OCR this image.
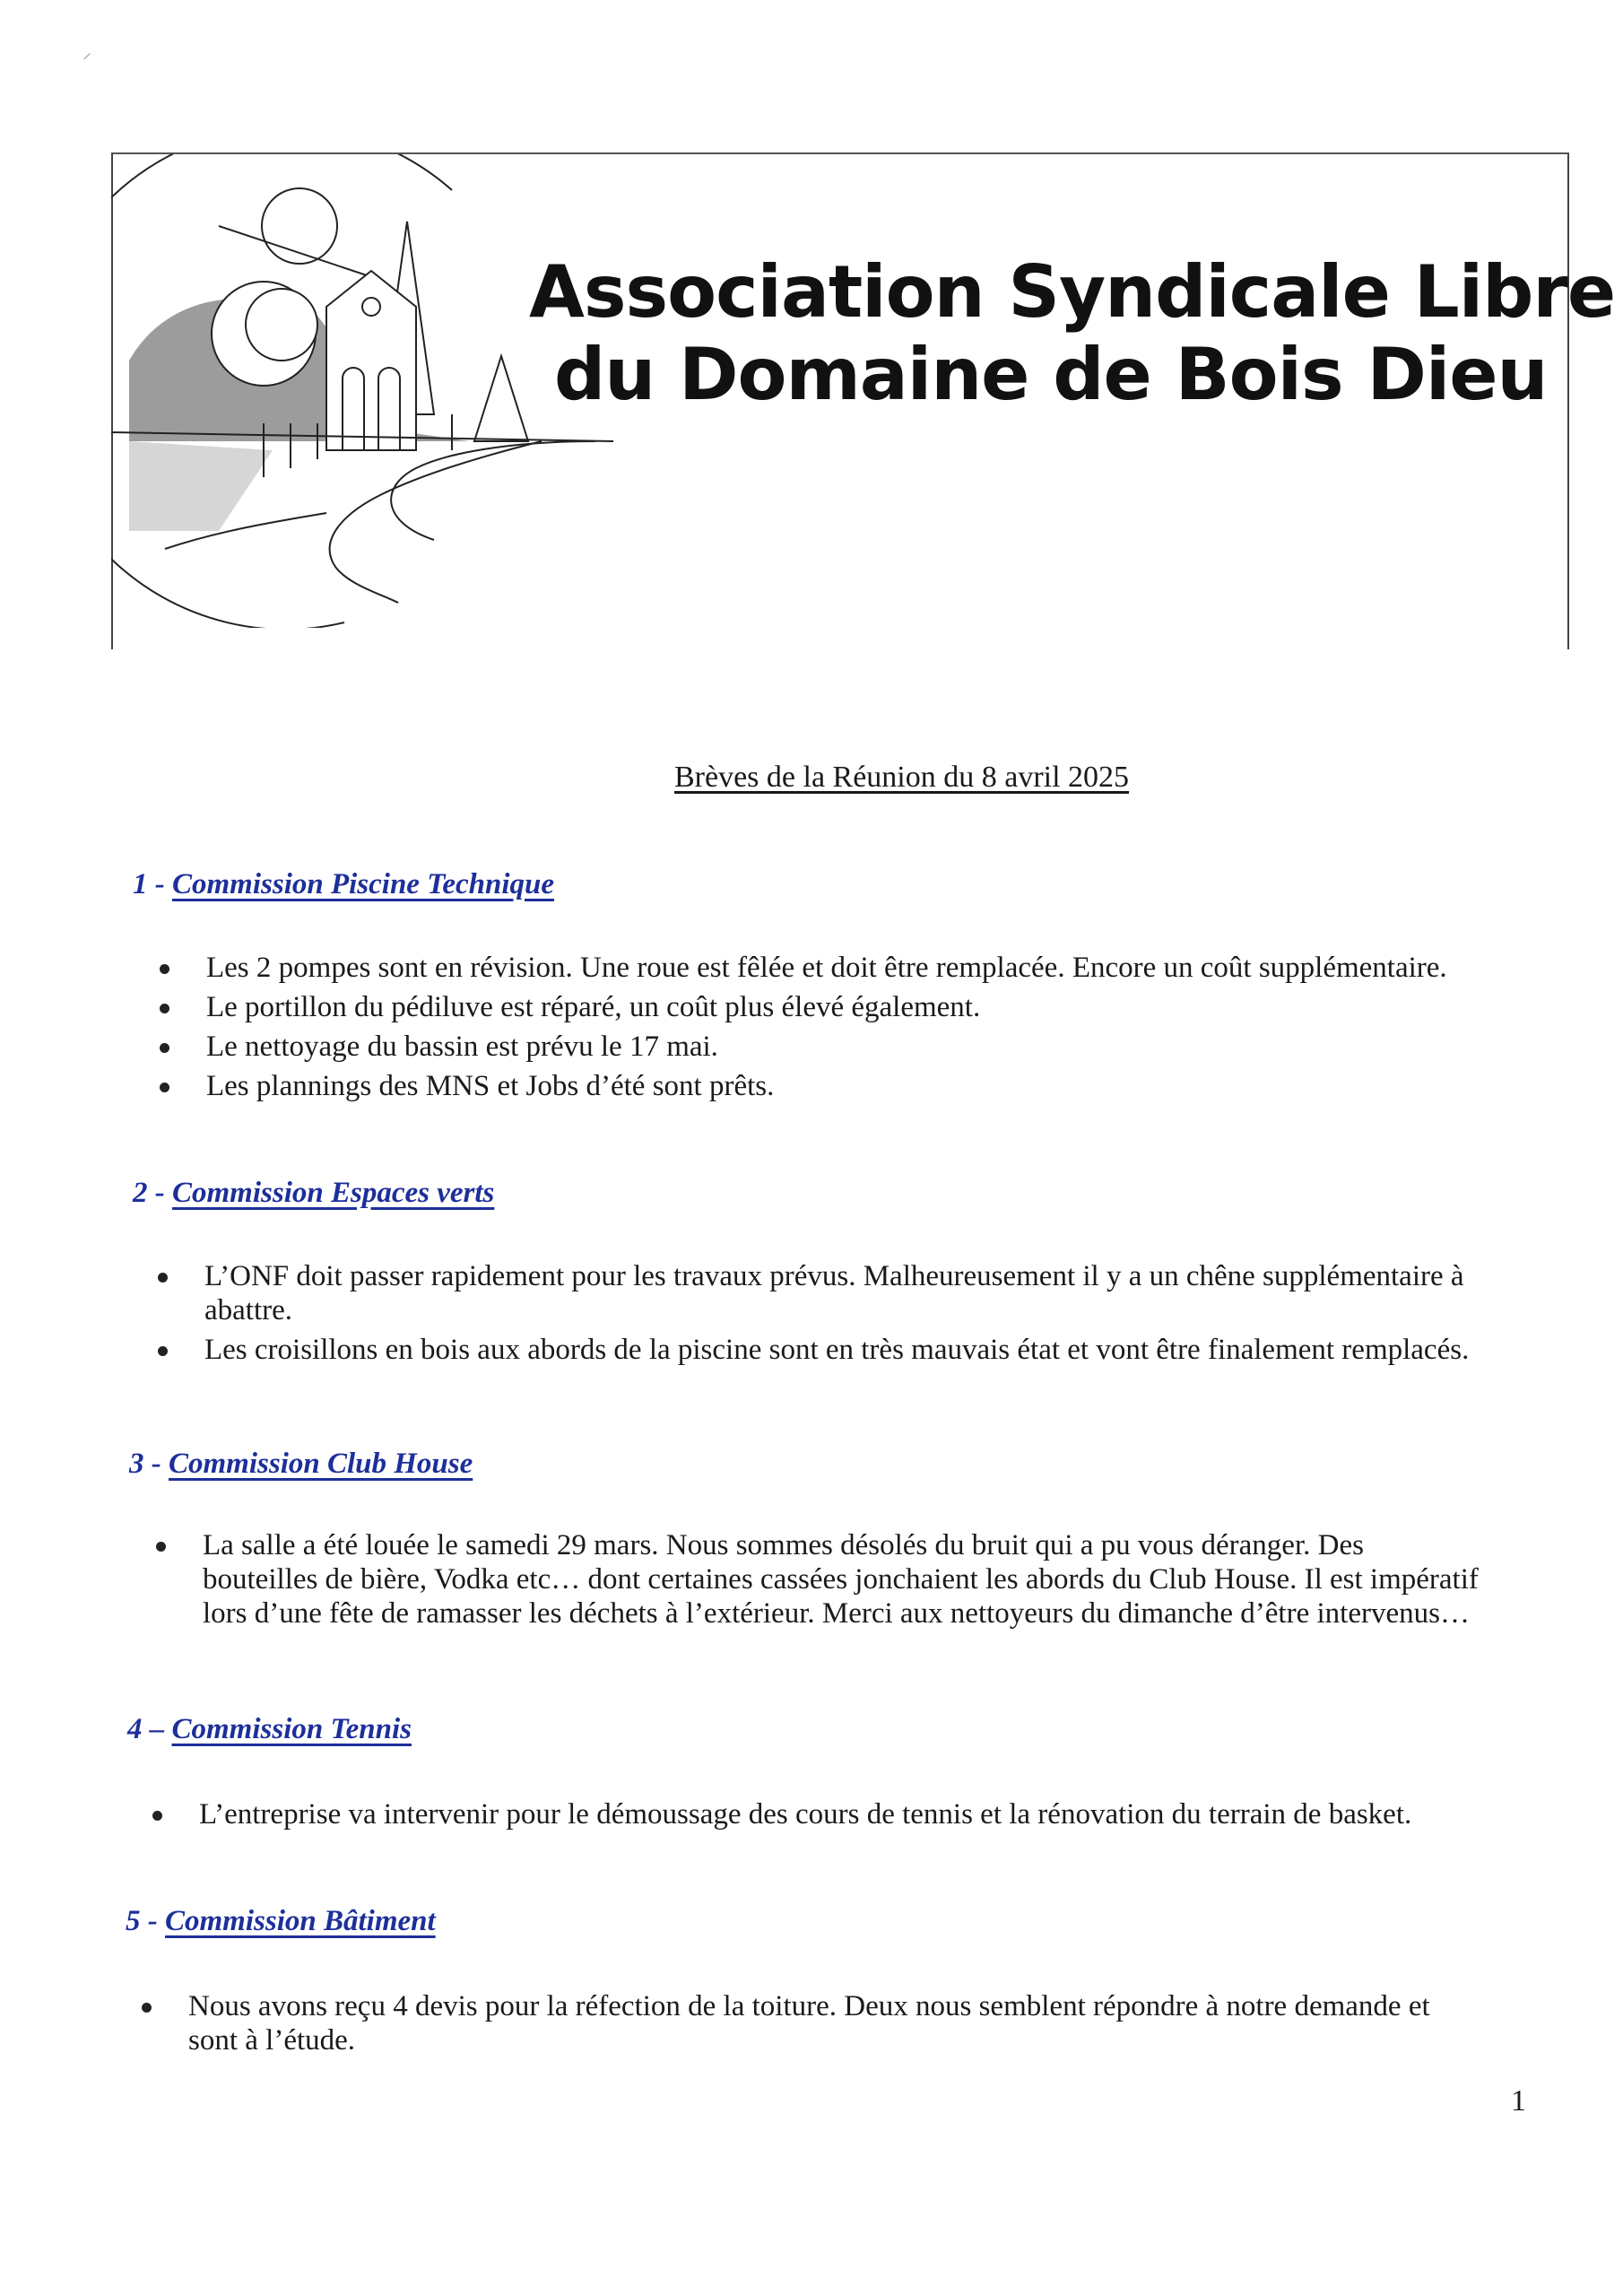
⸝
Association Syndicale Libre
du Domaine de Bois Dieu
Brèves de la Réunion du 8 avril 2025
1 - Commission Piscine Technique
Les 2 pompes sont en révision. Une roue est fêlée et doit être remplacée. Encore un coût supplémentaire.
Le portillon du pédiluve est réparé, un coût plus élevé également.
Le nettoyage du bassin est prévu le 17 mai.
Les plannings des MNS et Jobs d’été sont prêts.
2 - Commission Espaces verts
L’ONF doit passer rapidement pour les travaux prévus. Malheureusement il y a un chêne supplémentaire à abattre.
Les croisillons en bois aux abords de la piscine sont en très mauvais état et vont être finalement remplacés.
3 - Commission Club House
La salle a été louée le samedi 29 mars. Nous sommes désolés du bruit qui a pu vous déranger. Des bouteilles de bière, Vodka etc… dont certaines cassées jonchaient les abords du Club House. Il est impératif lors d’une fête de ramasser les déchets à l’extérieur. Merci aux nettoyeurs du dimanche d’être intervenus…
4 – Commission Tennis
L’entreprise va intervenir pour le démoussage des cours de tennis et la rénovation du terrain de basket.
5 - Commission Bâtiment
Nous avons reçu 4 devis pour la réfection de la toiture. Deux nous semblent répondre à notre demande et sont à l’étude.
1
